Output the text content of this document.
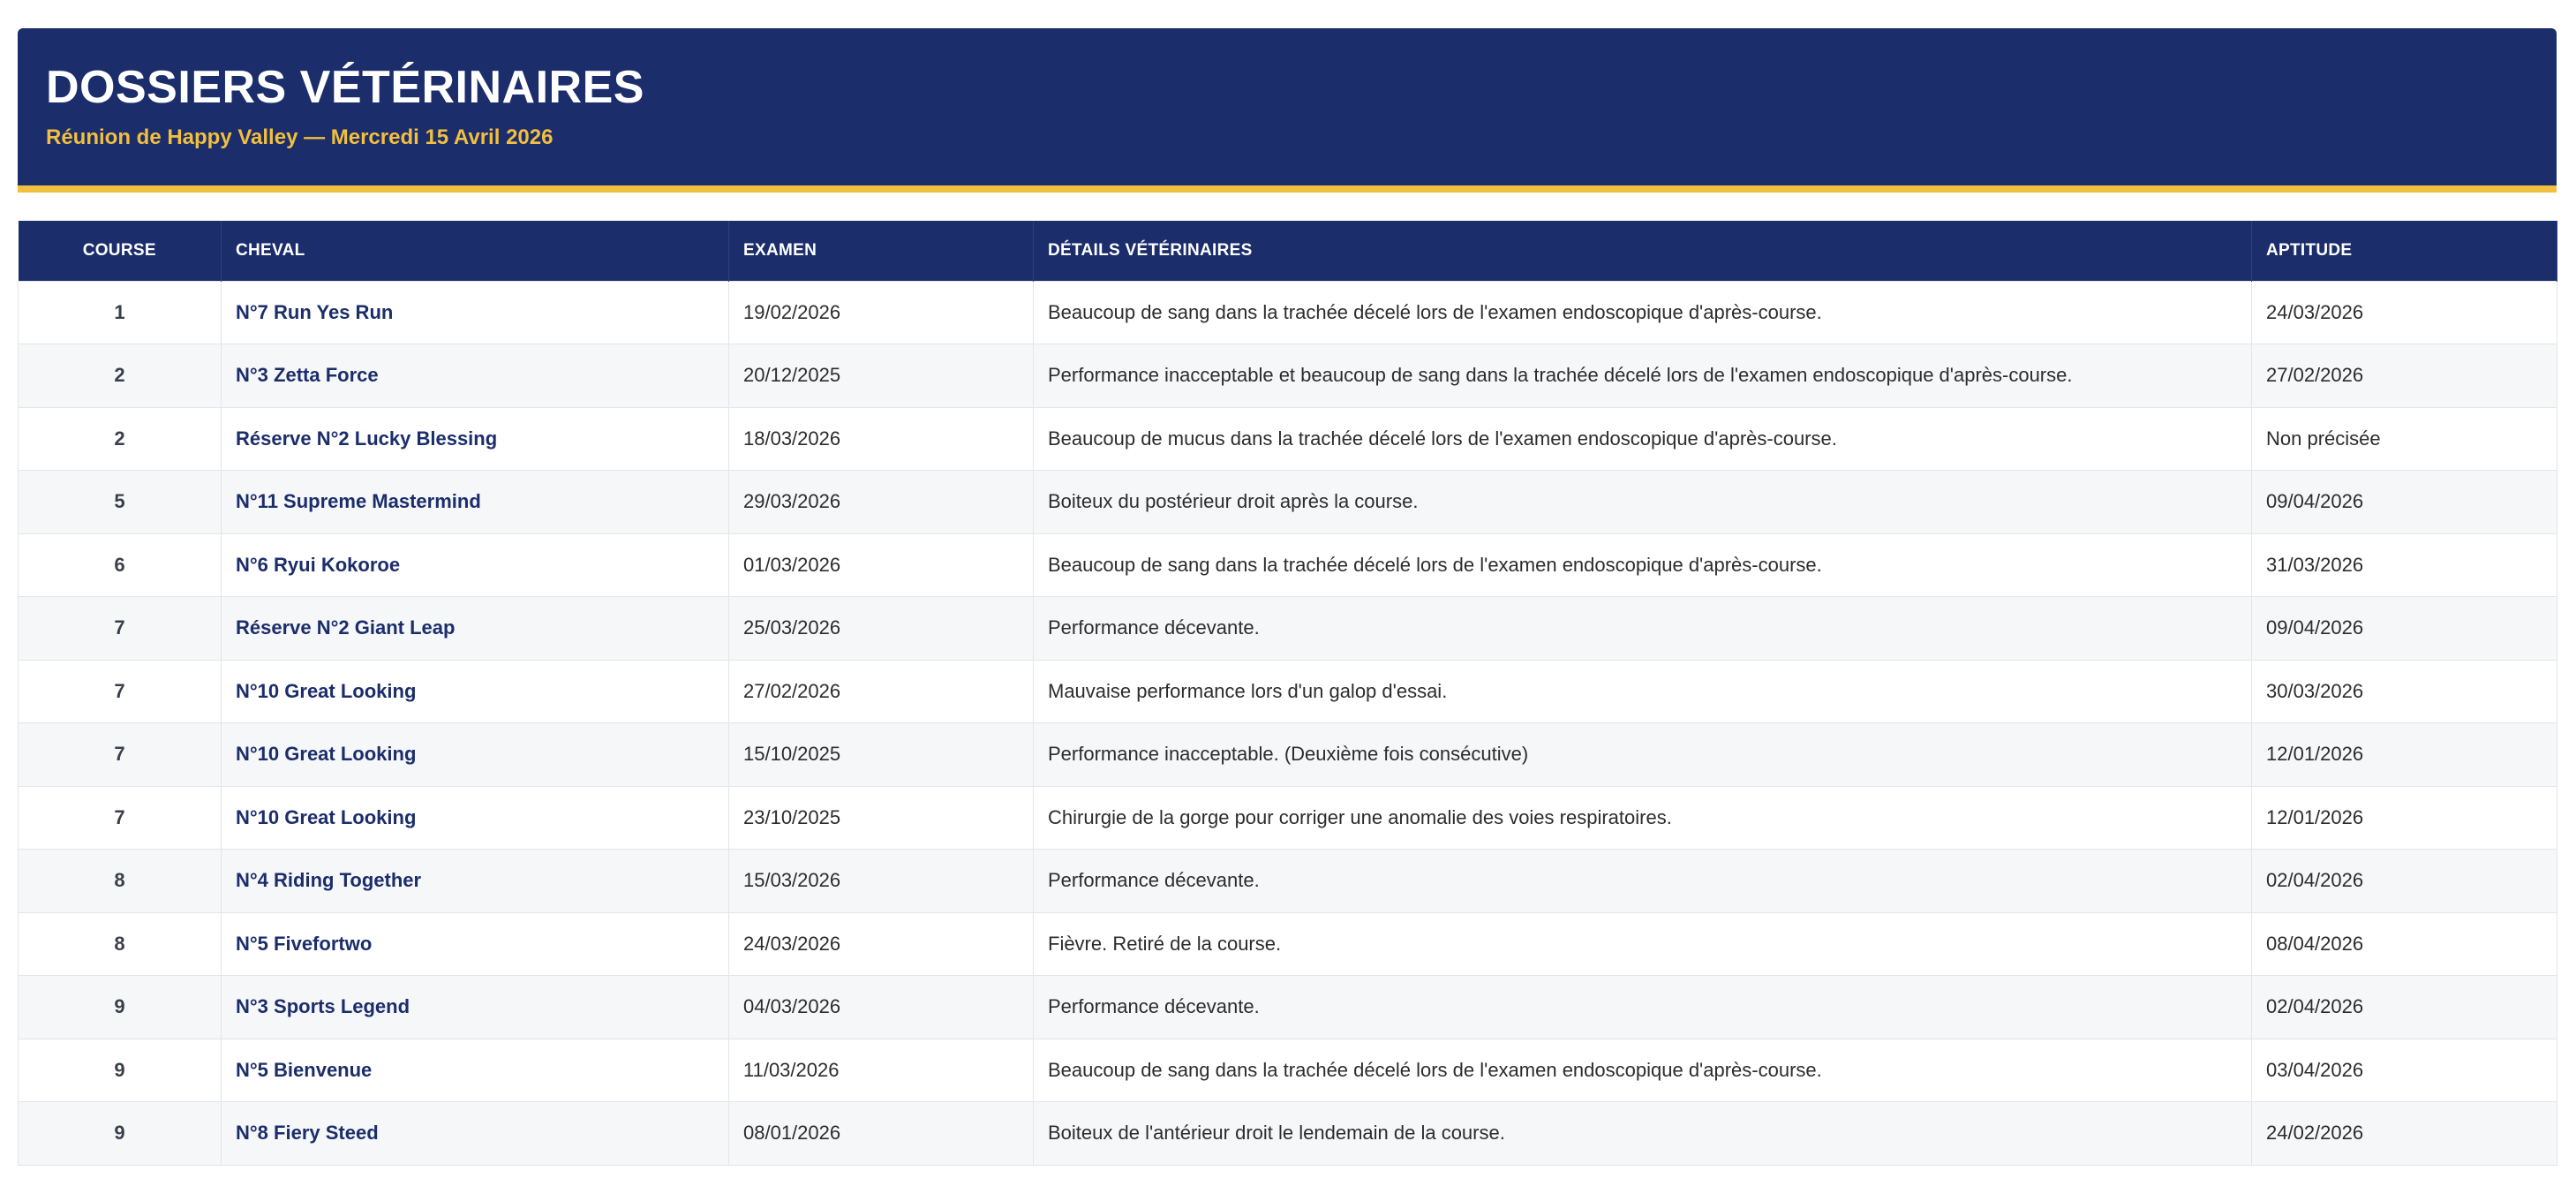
DOSSIERS VÉTÉRINAIRES

Réunion de Happy Valley — Mercredi 15 Avril 2026

COURSE	CHEVAL	EXAMEN	DÉTAILS VÉTÉRINAIRES	APTITUDE
1	N°7 Run Yes Run	19/02/2026	Beaucoup de sang dans la trachée décelé lors de l'examen endoscopique d'après-course.	24/03/2026
2	N°3 Zetta Force	20/12/2025	Performance inacceptable et beaucoup de sang dans la trachée décelé lors de l'examen endoscopique d'après-course.	27/02/2026
2	Réserve N°2 Lucky Blessing	18/03/2026	Beaucoup de mucus dans la trachée décelé lors de l'examen endoscopique d'après-course.	Non précisée
5	N°11 Supreme Mastermind	29/03/2026	Boiteux du postérieur droit après la course.	09/04/2026
6	N°6 Ryui Kokoroe	01/03/2026	Beaucoup de sang dans la trachée décelé lors de l'examen endoscopique d'après-course.	31/03/2026
7	Réserve N°2 Giant Leap	25/03/2026	Performance décevante.	09/04/2026
7	N°10 Great Looking	27/02/2026	Mauvaise performance lors d'un galop d'essai.	30/03/2026
7	N°10 Great Looking	15/10/2025	Performance inacceptable. (Deuxième fois consécutive)	12/01/2026
7	N°10 Great Looking	23/10/2025	Chirurgie de la gorge pour corriger une anomalie des voies respiratoires.	12/01/2026
8	N°4 Riding Together	15/03/2026	Performance décevante.	02/04/2026
8	N°5 Fivefortwo	24/03/2026	Fièvre. Retiré de la course.	08/04/2026
9	N°3 Sports Legend	04/03/2026	Performance décevante.	02/04/2026
9	N°5 Bienvenue	11/03/2026	Beaucoup de sang dans la trachée décelé lors de l'examen endoscopique d'après-course.	03/04/2026
9	N°8 Fiery Steed	08/01/2026	Boiteux de l'antérieur droit le lendemain de la course.	24/02/2026
